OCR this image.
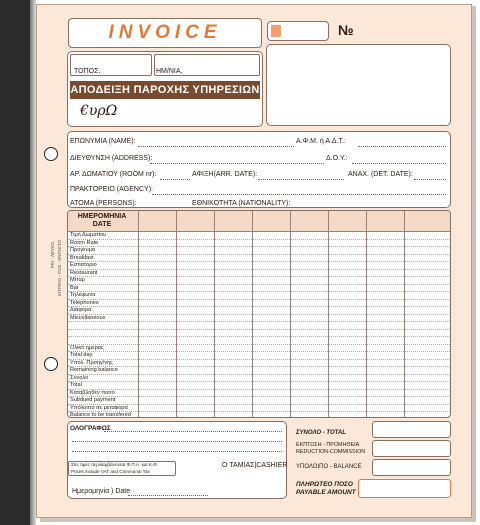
INVOICE	№
ΤΟΠΟΣ,	ΗΜ/ΝΙΑ,
ΑΠΟΔΕΙΞΗ ΠΑΡΟΧΗΣ ΥΠΗΡΕΣΙΩΝ
€υρΩ
ΕΠΩΝΥΜΙΑ (NAME):	Α.Φ.Μ. ή Α.Δ.Τ.:
ΔΙΕΥΘΥΝΣΗ (ADDRESS):	Δ.Ο.Υ.:
ΑΡ. ΔΩΜΑΤΙΟΥ (ROOM nr):	ΑΦΙΞΗ(ARR. DATE):	ΑΝΑΧ. (DET. DATE):
ΠΡΑΚΤΟΡΕΙΟ (AGENCY):
ΑΤΟΜΑ (PERSONS):	ΕΘΝΙΚΟΤΗΤΑ (NATIONALITY):
ΗΜΕΡΟΜΗΝΙΑ
DATE
Τιμή Δωματίου
Room Rate
Πρόγευμα
Breakfast
Εστιατόριο
Restaurant
Μπαρ
Bar
Τηλέφωνα
Telephones
Διάφορα
Miscellaneous
Ολικό ημέρας
Total day
Υπολ. Προηγ/νης
Remaining balance
Σύνολο
Total
Καταβληθέν ποσό
Subdued payment
Υπόλοιπο σε μεταφορά
Balance to be transfered
ΡΕΙ - ΛΕΥΚΟ ΚΙΤΡΙΝΟ - ΡΟΖ - ΕΝΤΑΚΤΟ
ΟΛΟΓΡΑΦΩΣ
Στις τιμές περιλαμβάνονται Φ.Π.Α. και Κ.Φ.
Prices include VAT and Communal Tax
Ο ΤΑΜΙΑΣ|CASHIER
Ημερομηνία ) Date
ΣΥΝΟΛΟ - TOTAL
ΕΚΠΤΩΣΗ - ΠΡΟΜΗΘΕΙΑ
REDUCTION-COMMISSION
ΥΠΟΛΟΙΠΟ - BALANCE
ΠΛΗΡΩΤΕΟ ΠΟΣΟ
PAYABLE AMOUNT
